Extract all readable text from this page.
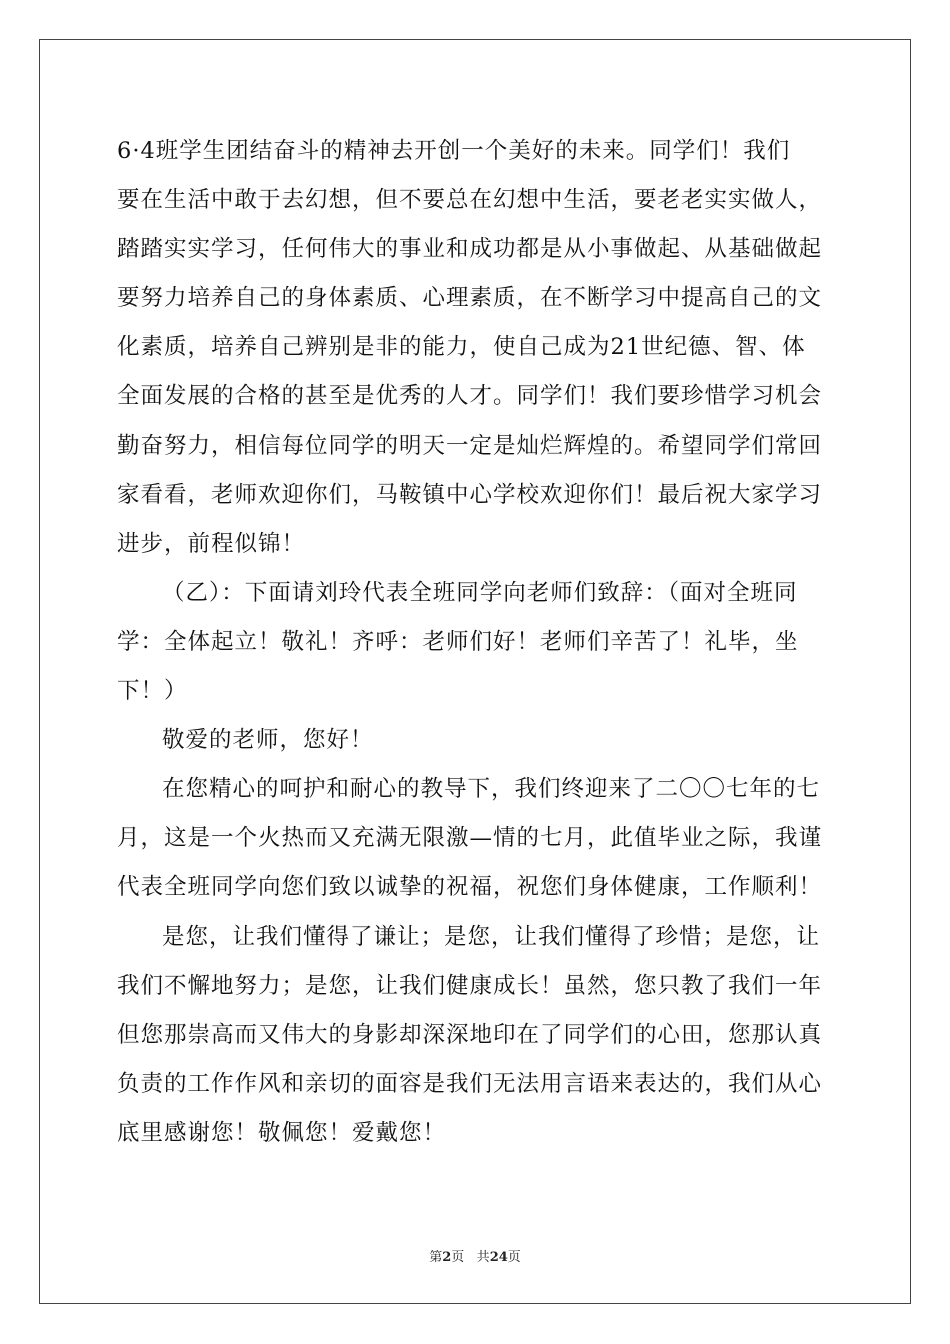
6·4班学生团结奋斗的精神去开创一个美好的未来。同学们！我们
要在生活中敢于去幻想，但不要总在幻想中生活，要老老实实做人，
踏踏实实学习，任何伟大的事业和成功都是从小事做起、从基础做起
要努力培养自己的身体素质、心理素质，在不断学习中提高自己的文
化素质，培养自己辨别是非的能力，使自己成为21世纪德、智、体
全面发展的合格的甚至是优秀的人才。同学们！我们要珍惜学习机会
勤奋努力，相信每位同学的明天一定是灿烂辉煌的。希望同学们常回
家看看，老师欢迎你们，马鞍镇中心学校欢迎你们！最后祝大家学习
进步，前程似锦！
（乙）：下面请刘玲代表全班同学向老师们致辞：（面对全班同
学：全体起立！敬礼！齐呼：老师们好！老师们辛苦了！礼毕，坐
下！）
敬爱的老师，您好！
在您精心的呵护和耐心的教导下，我们终迎来了二〇〇七年的七
月，这是一个火热而又充满无限激—情的七月，此值毕业之际，我谨
代表全班同学向您们致以诚挚的祝福，祝您们身体健康，工作顺利！
是您，让我们懂得了谦让；是您，让我们懂得了珍惜；是您，让
我们不懈地努力；是您，让我们健康成长！虽然，您只教了我们一年
但您那崇高而又伟大的身影却深深地印在了同学们的心田，您那认真
负责的工作作风和亲切的面容是我们无法用言语来表达的，我们从心
底里感谢您！敬佩您！爱戴您！
第2页 共24页
